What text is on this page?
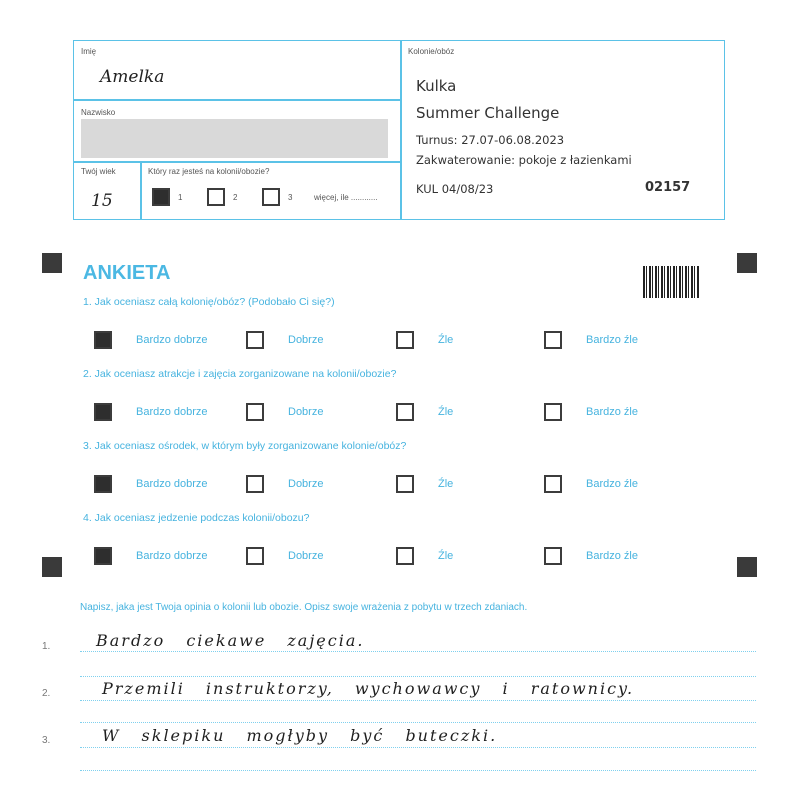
Imię
Amelka
Nazwisko
Twój wiek
15
Który raz jesteś na kolonii/obozie?
1	2	3	więcej, ile ............
Kolonie/obóz
Kulka
Summer Challenge
Turnus: 27.07-06.08.2023
Zakwaterowanie: pokoje z łazienkami
KUL 04/08/23	02157
ANKIETA
1. Jak oceniasz całą kolonię/obóz? (Podobało Ci się?)
Bardzo dobrze	Dobrze	Źle	Bardzo źle
2. Jak oceniasz atrakcje i zajęcia zorganizowane na kolonii/obozie?
Bardzo dobrze	Dobrze	Źle	Bardzo źle
3. Jak oceniasz ośrodek, w którym były zorganizowane kolonie/obóz?
Bardzo dobrze	Dobrze	Źle	Bardzo źle
4. Jak oceniasz jedzenie podczas kolonii/obozu?
Bardzo dobrze	Dobrze	Źle	Bardzo źle
Napisz, jaka jest Twoja opinia o kolonii lub obozie. Opisz swoje wrażenia z pobytu w trzech zdaniach.
1.
2.
3.
Bardzo ciekawe zajęcia.
Przemili instruktorzy, wychowawcy i ratownicy.
W sklepiku mogłyby być buteczki.
